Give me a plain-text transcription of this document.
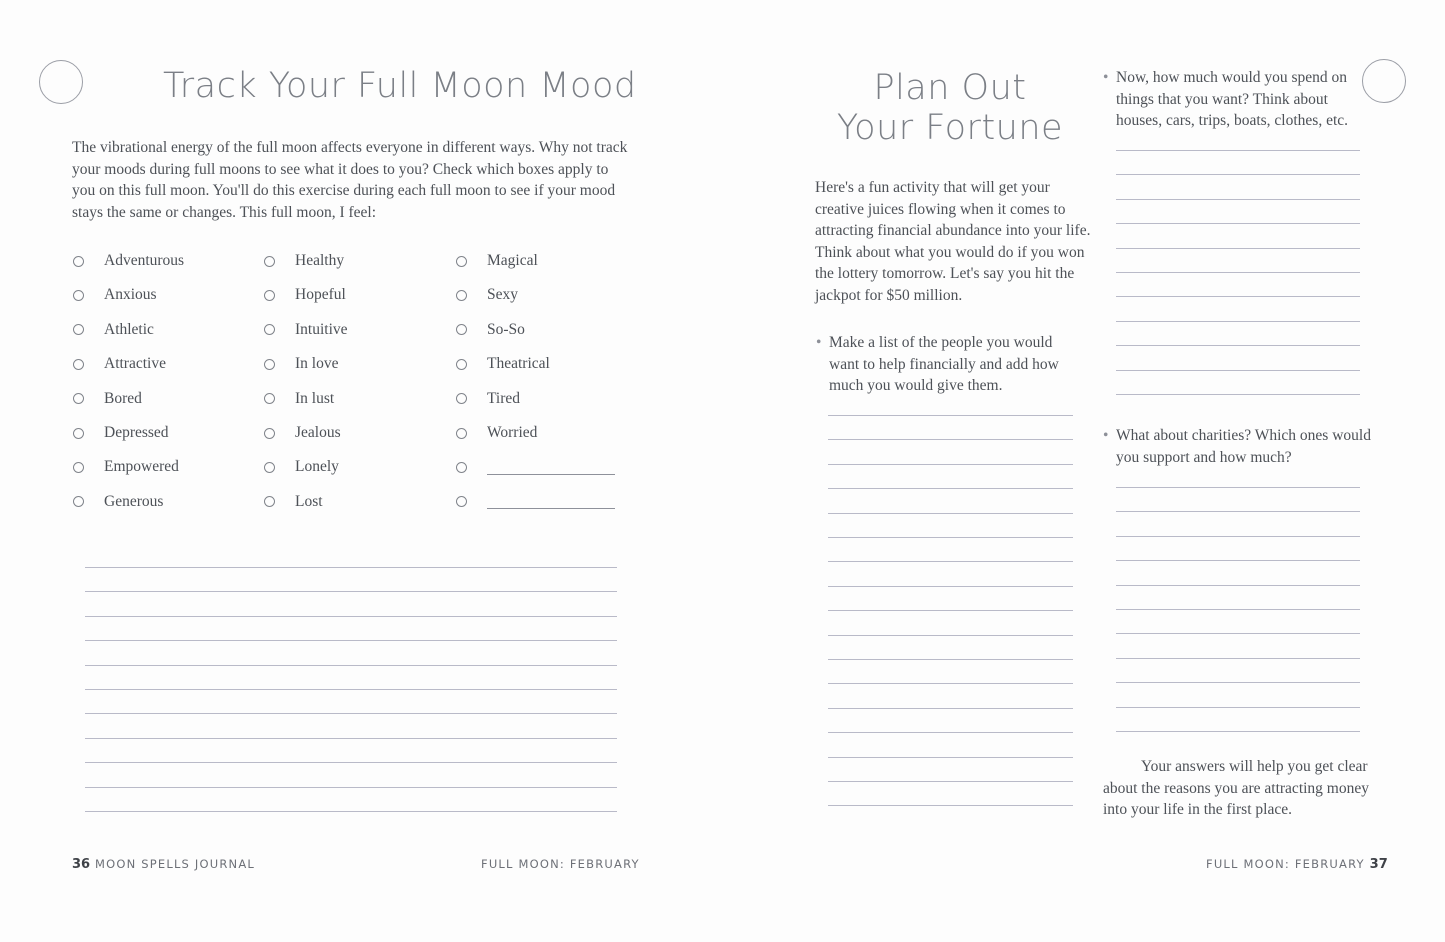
Track Your Full Moon Mood
The vibrational energy of the full moon affects everyone in different ways. Why not track your moods during full moons to see what it does to you? Check which boxes apply to you on this full moon. You'll do this exercise during each full moon to see if your mood stays the same or changes. This full moon, I feel:
Adventurous
Anxious
Athletic
Attractive
Bored
Depressed
Empowered
Generous
Healthy
Hopeful
Intuitive
In love
In lust
Jealous
Lonely
Lost
Magical
Sexy
So-So
Theatrical
Tired
Worried
36 MOON SPELLS JOURNAL	FULL MOON: FEBRUARY
Plan Out
Your Fortune
Here's a fun activity that will get your creative juices flowing when it comes to attracting financial abundance into your life. Think about what you would do if you won the lottery tomorrow. Let's say you hit the jackpot for $50 million.
• Make a list of the people you would want to help financially and add how much you would give them.
• Now, how much would you spend on things that you want? Think about houses, cars, trips, boats, clothes, etc.
• What about charities? Which ones would you support and how much?
Your answers will help you get clear about the reasons you are attracting money into your life in the first place.
FULL MOON: FEBRUARY 37
